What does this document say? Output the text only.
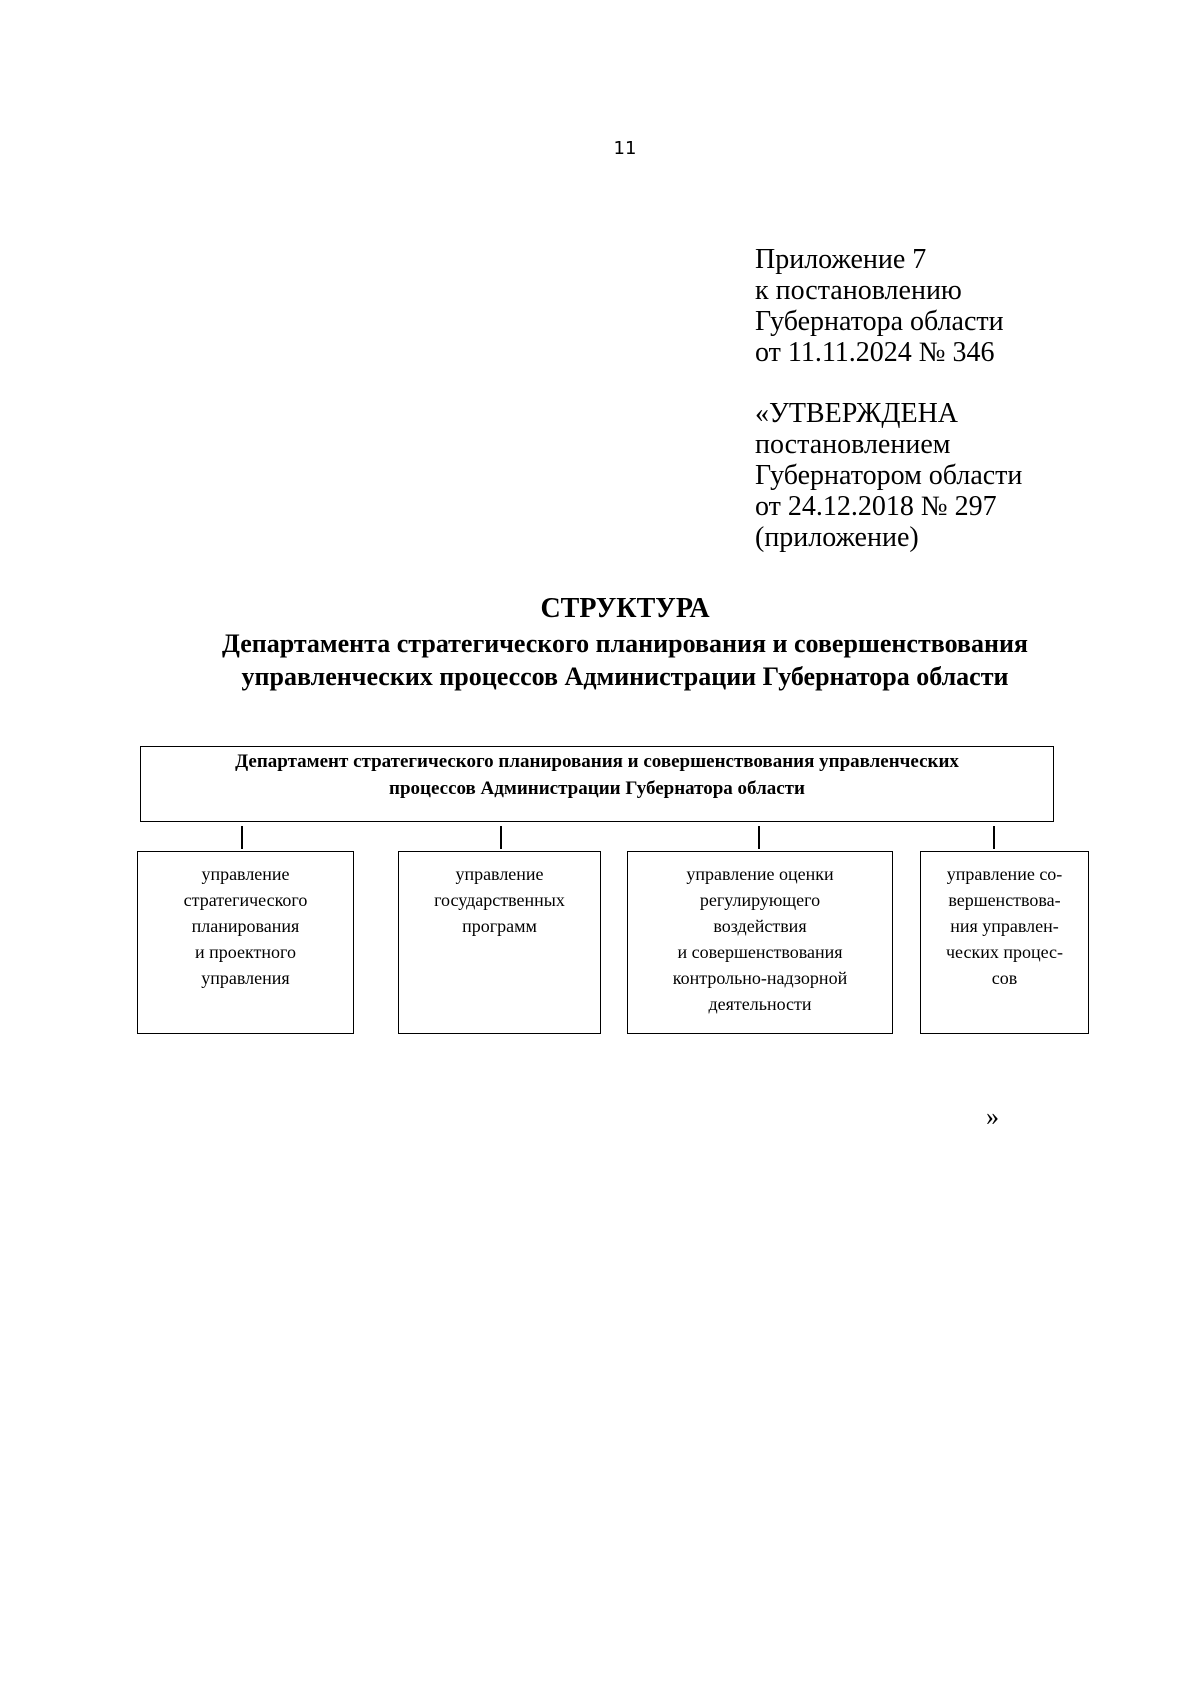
11
Приложение 7
к постановлению
Губернатора области
от 11.11.2024 № 346
«УТВЕРЖДЕНА
постановлением
Губернатором области
от 24.12.2018 № 297
(приложение)
СТРУКТУРА
Департамента стратегического планирования и совершенствования
управленческих процессов Администрации Губернатора области
Департамент стратегического планирования и совершенствования управленческих
процессов Администрации Губернатора области
управление
стратегического
планирования
и проектного
управления
управление
государственных
программ
управление оценки
регулирующего
воздействия
и совершенствования
контрольно-надзорной
деятельности
управление со-
вершенствова-
ния управлен-
ческих процес-
сов
»
